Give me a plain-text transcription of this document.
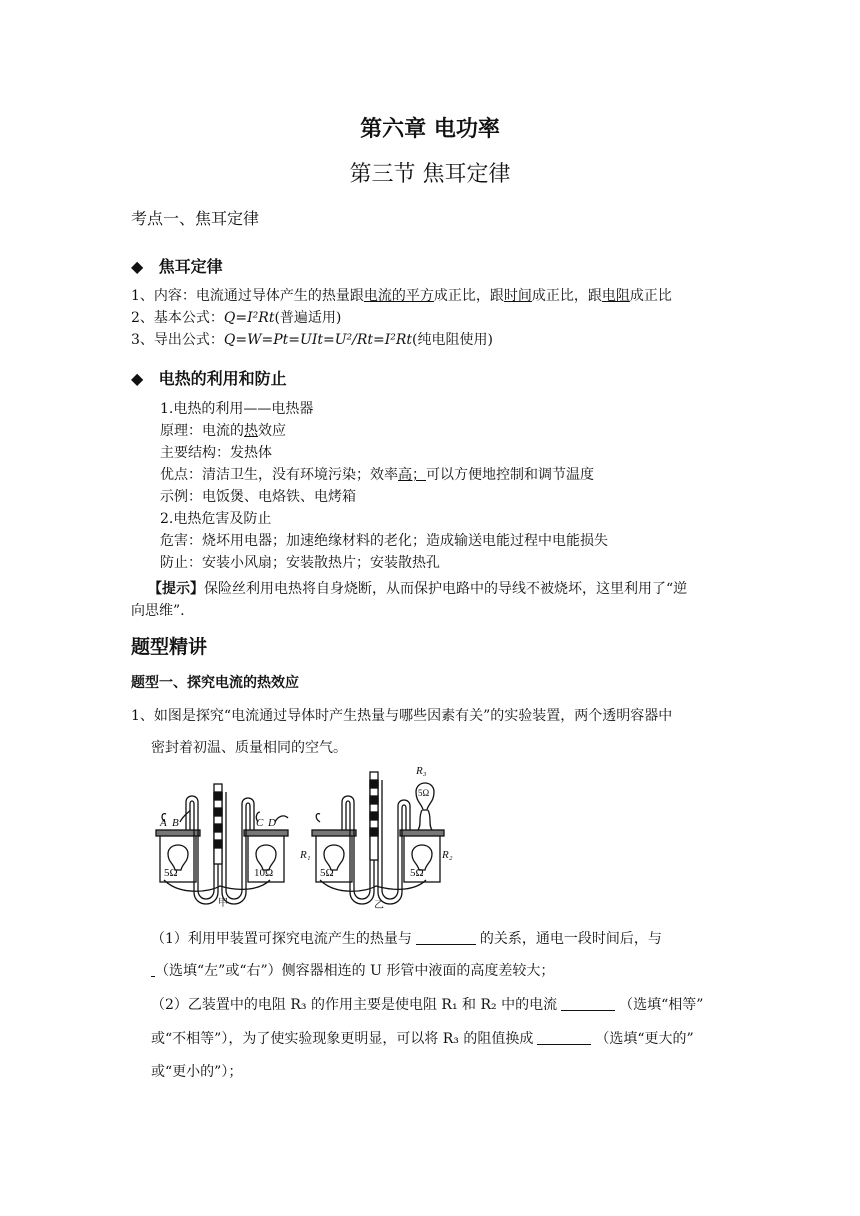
第六章 电功率
第三节 焦耳定律
考点一、焦耳定律
◆ 焦耳定律
1、内容：电流通过导体产生的热量跟电流的平方成正比，跟时间成正比，跟电阻成正比
2、基本公式：Q=I²Rt(普遍适用)
3、导出公式：Q=W=Pt=UIt=U²/Rt=I²Rt(纯电阻使用)
◆ 电热的利用和防止
1.电热的利用——电热器
原理：电流的热效应
主要结构：发热体
优点：清洁卫生，没有环境污染；效率高；可以方便地控制和调节温度
示例：电饭煲、电烙铁、电烤箱
2.电热危害及防止
危害：烧坏用电器；加速绝缘材料的老化；造成输送电能过程中电能损失
防止：安装小风扇；安装散热片；安装散热孔
【提示】保险丝利用电热将自身烧断，从而保护电路中的导线不被烧坏，这里利用了“逆
向思维”.
题型精讲
题型一、探究电流的热效应
1、如图是探究“电流通过导体时产生热量与哪些因素有关”的实验装置，两个透明容器中
密封着初温、质量相同的空气。
A B	C D
5Ω	10Ω
甲
R₁	R₂
R₃
5Ω
5Ω	5Ω
乙
（1）利用甲装置可探究电流产生的热量与	的关系，通电一段时间后，与
（选填“左”或“右”）侧容器相连的 U 形管中液面的高度差较大；
（2）乙装置中的电阻 R₃ 的作用主要是使电阻 R₁ 和 R₂ 中的电流	（选填“相等”
或“不相等”），为了使实验现象更明显，可以将 R₃ 的阻值换成	（选填“更大的”
或“更小的”）；
